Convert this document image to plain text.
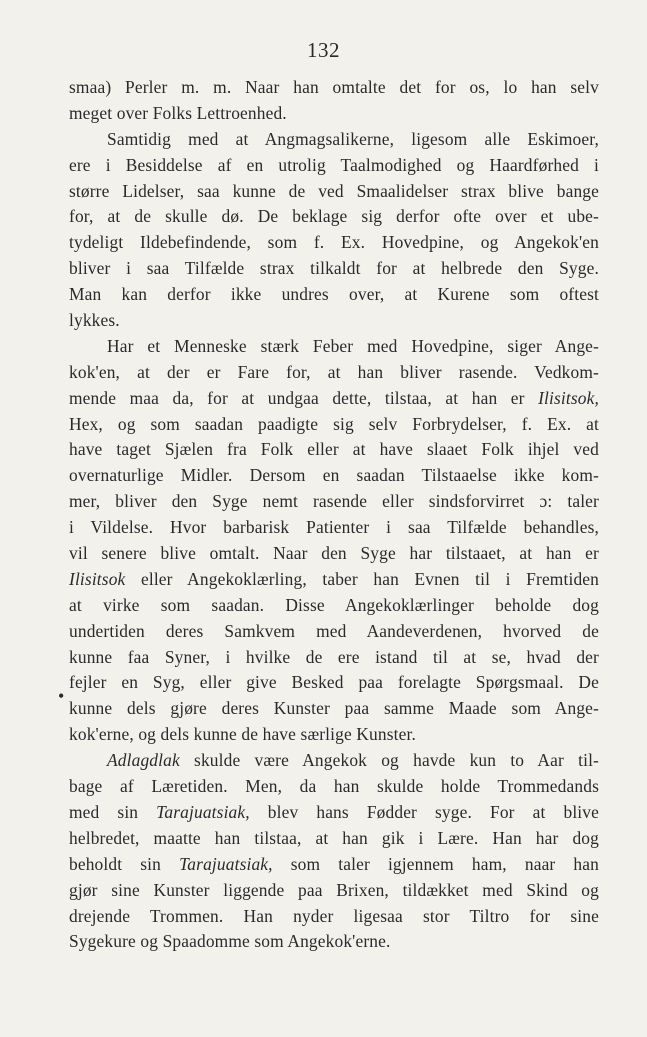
132
•
smaa) Perler m. m. Naar han omtalte det for os, lo han selv
meget over Folks Lettroenhed.
Samtidig med at Angmagsalikerne, ligesom alle Eskimoer,
ere i Besiddelse af en utrolig Taalmodighed og Haardførhed i
større Lidelser, saa kunne de ved Smaalidelser strax blive bange
for, at de skulle dø. De beklage sig derfor ofte over et ube-
tydeligt Ildebefindende, som f. Ex. Hovedpine, og Angekok'en
bliver i saa Tilfælde strax tilkaldt for at helbrede den Syge.
Man kan derfor ikke undres over, at Kurene som oftest
lykkes.
Har et Menneske stærk Feber med Hovedpine, siger Ange-
kok'en, at der er Fare for, at han bliver rasende. Vedkom-
mende maa da, for at undgaa dette, tilstaa, at han er Ilisitsok,
Hex, og som saadan paadigte sig selv Forbrydelser, f. Ex. at
have taget Sjælen fra Folk eller at have slaaet Folk ihjel ved
overnaturlige Midler. Dersom en saadan Tilstaaelse ikke kom-
mer, bliver den Syge nemt rasende eller sindsforvirret ɔ: taler
i Vildelse. Hvor barbarisk Patienter i saa Tilfælde behandles,
vil senere blive omtalt. Naar den Syge har tilstaaet, at han er
Ilisitsok eller Angekoklærling, taber han Evnen til i Fremtiden
at virke som saadan. Disse Angekoklærlinger beholde dog
undertiden deres Samkvem med Aandeverdenen, hvorved de
kunne faa Syner, i hvilke de ere istand til at se, hvad der
fejler en Syg, eller give Besked paa forelagte Spørgsmaal. De
kunne dels gjøre deres Kunster paa samme Maade som Ange-
kok'erne, og dels kunne de have særlige Kunster.
Adlagdlak skulde være Angekok og havde kun to Aar til-
bage af Læretiden. Men, da han skulde holde Trommedands
med sin Tarajuatsiak, blev hans Fødder syge. For at blive
helbredet, maatte han tilstaa, at han gik i Lære. Han har dog
beholdt sin Tarajuatsiak, som taler igjennem ham, naar han
gjør sine Kunster liggende paa Brixen, tildækket med Skind og
drejende Trommen. Han nyder ligesaa stor Tiltro for sine
Sygekure og Spaadomme som Angekok'erne.
